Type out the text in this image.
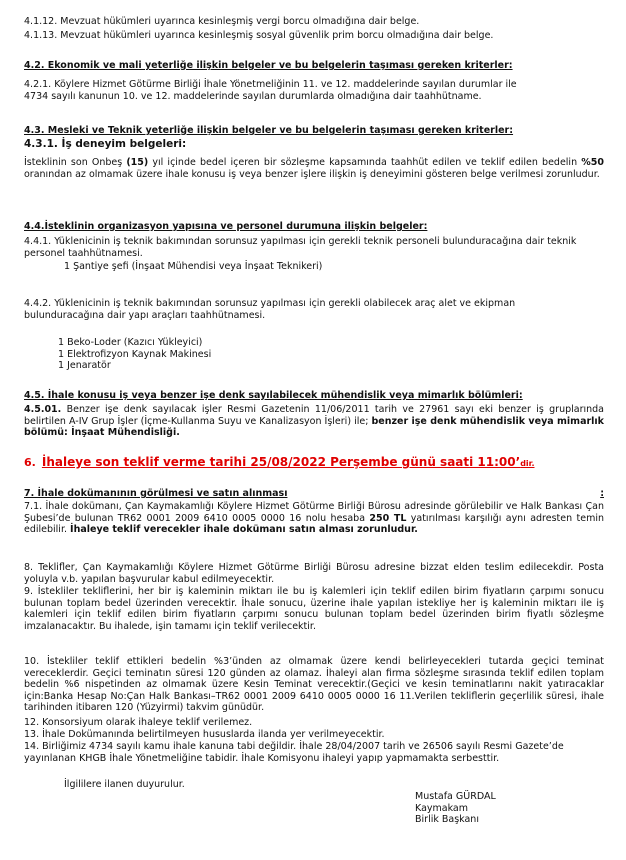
4.1.12. Mevzuat hükümleri uyarınca kesinleşmiş vergi borcu olmadığına dair belge.

4.1.13. Mevzuat hükümleri uyarınca kesinleşmiş sosyal güvenlik prim borcu olmadığına dair belge.

4.2. Ekonomik ve mali yeterliğe ilişkin belgeler ve bu belgelerin taşıması gereken kriterler:

4.2.1. Köylere Hizmet Götürme Birliği İhale Yönetmeliğinin 11. ve 12. maddelerinde sayılan durumlar ile
4734 sayılı kanunun 10. ve 12. maddelerinde sayılan durumlarda olmadığına dair taahhütname.

4.3. Mesleki ve Teknik yeterliğe ilişkin belgeler ve bu belgelerin taşıması gereken kriterler:

4.3.1. İş deneyim belgeleri:

İsteklinin son Onbeş (15) yıl içinde bedel içeren bir sözleşme kapsamında taahhüt edilen ve teklif edilen bedelin %50 oranından az olmamak üzere ihale konusu iş veya benzer işlere ilişkin iş deneyimini gösteren belge verilmesi zorunludur.

4.4.İsteklinin organizasyon yapısına ve personel durumuna ilişkin belgeler:

4.4.1. Yüklenicinin iş teknik bakımından sorunsuz yapılması için gerekli teknik personeli bulunduracağına dair teknik personel taahhütnamesi.

1 Şantiye şefi (İnşaat Mühendisi veya İnşaat Teknikeri)

4.4.2. Yüklenicinin iş teknik bakımından sorunsuz yapılması için gerekli olabilecek araç alet ve ekipman bulunduracağına dair yapı araçları taahhütnamesi.

1 Beko-Loder (Kazıcı Yükleyici)
1 Elektrofizyon Kaynak Makinesi
1 Jenaratör

4.5. İhale konusu iş veya benzer işe denk sayılabilecek mühendislik veya mimarlık bölümleri:

4.5.01. Benzer işe denk sayılacak işler Resmi Gazetenin 11/06/2011 tarih ve 27961 sayı eki benzer iş gruplarında belirtilen A-IV Grup İşler (İçme-Kullanma Suyu ve Kanalizasyon İşleri) ile; benzer işe denk mühendislik veya mimarlık bölümü: İnşaat Mühendisliği.

6. İhaleye son teklif verme tarihi 25/08/2022 Perşembe günü saati 11:00’dir.

7. İhale dokümanının görülmesi ve satın alınması	:

7.1. İhale dokümanı, Çan Kaymakamlığı Köylere Hizmet Götürme Birliği Bürosu adresinde görülebilir ve Halk Bankası Çan Şubesi’de bulunan TR62 0001 2009 6410 0005 0000 16 nolu hesaba 250 TL yatırılması karşılığı aynı adresten temin edilebilir. İhaleye teklif verecekler ihale dokümanı satın alması zorunludur.

8. Teklifler, Çan Kaymakamlığı Köylere Hizmet Götürme Birliği Bürosu adresine bizzat elden teslim edilecekdir. Posta yoluyla v.b. yapılan başvurular kabul edilmeyecektir.

9. İstekliler tekliflerini, her bir iş kaleminin miktarı ile bu iş kalemleri için teklif edilen birim fiyatların çarpımı sonucu bulunan toplam bedel üzerinden verecektir. İhale sonucu, üzerine ihale yapılan istekliye her iş kaleminin miktarı ile iş kalemleri için teklif edilen birim fiyatların çarpımı sonucu bulunan toplam bedel üzerinden birim fiyatlı sözleşme imzalanacaktır. Bu ihalede, işin tamamı için teklif verilecektir.

10. İstekliler teklif ettikleri bedelin %3’ünden az olmamak üzere kendi belirleyecekleri tutarda geçici teminat vereceklerdir. Geçici teminatın süresi 120 günden az olamaz. İhaleyi alan firma sözleşme sırasında teklif edilen toplam bedelin %6 nispetinden az olmamak üzere Kesin Teminat verecektir.(Geçici ve kesin teminatlarını nakit yatıracaklar için:Banka Hesap No:Çan Halk Bankası–TR62 0001 2009 6410 0005 0000 16 11.Verilen tekliflerin geçerlilik süresi, ihale tarihinden itibaren 120 (Yüzyirmi) takvim günüdür.

12. Konsorsiyum olarak ihaleye teklif verilemez.

13. İhale Dokümanında belirtilmeyen hususlarda ilanda yer verilmeyecektir.

14. Birliğimiz 4734 sayılı kamu ihale kanuna tabi değildir. İhale 28/04/2007 tarih ve 26506 sayılı Resmi Gazete’de yayınlanan KHGB İhale Yönetmeliğine tabidir. İhale Komisyonu ihaleyi yapıp yapmamakta serbesttir.

İlgililere ilanen duyurulur.

Mustafa GÜRDAL
Kaymakam
Birlik Başkanı
